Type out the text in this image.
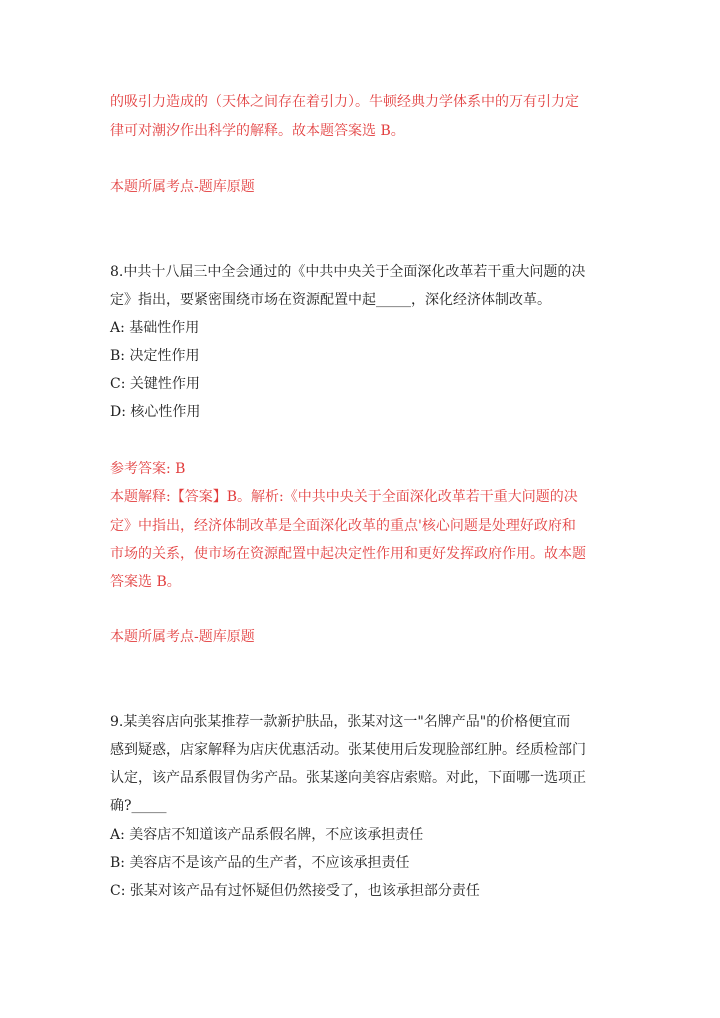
的吸引力造成的（天体之间存在着引力）。牛顿经典力学体系中的万有引力定
律可对潮汐作出科学的解释。故本题答案选 B。
本题所属考点-题库原题
8.中共十八届三中全会通过的《中共中央关于全面深化改革若干重大问题的决
定》指出，要紧密围绕市场在资源配置中起_____，深化经济体制改革。
A: 基础性作用
B: 决定性作用
C: 关键性作用
D: 核心性作用
参考答案: B
本题解释:【答案】B。解析:《中共中央关于全面深化改革若干重大问题的决
定》中指出，经济体制改革是全面深化改革的重点'核心问题是处理好政府和
市场的关系，使市场在资源配置中起决定性作用和更好发挥政府作用。故本题
答案选 B。
本题所属考点-题库原题
9.某美容店向张某推荐一款新护肤品，张某对这一"名牌产品"的价格便宜而
感到疑惑，店家解释为店庆优惠活动。张某使用后发现脸部红肿。经质检部门
认定，该产品系假冒伪劣产品。张某遂向美容店索赔。对此，下面哪一选项正
确?_____
A: 美容店不知道该产品系假名牌，不应该承担责任
B: 美容店不是该产品的生产者，不应该承担责任
C: 张某对该产品有过怀疑但仍然接受了，也该承担部分责任
